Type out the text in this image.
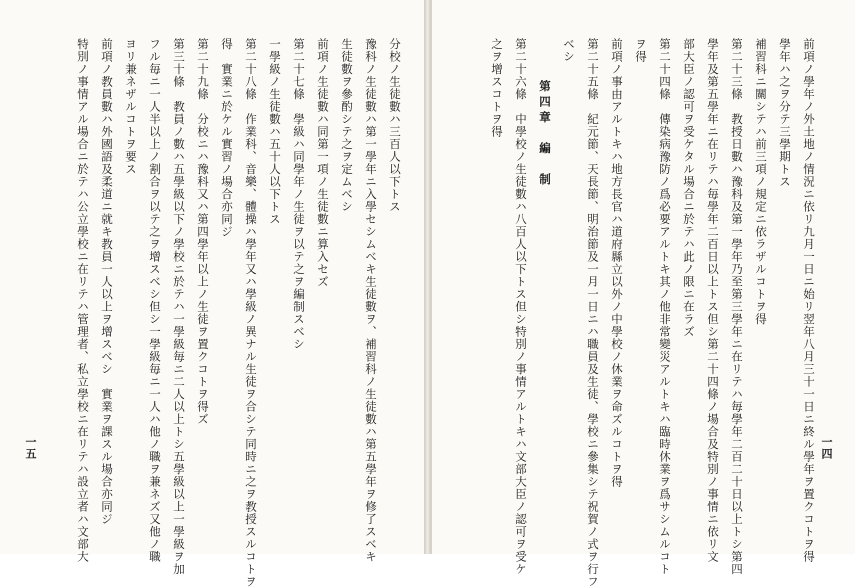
分校ノ生徒數ハ三百人以下トス
豫科ノ生徒數ハ第一學年ニ入學セシムベキ生徒數ヲ、補習科ノ生徒數ハ第五學年ヲ修了スベキ
生徒數ヲ參酌シテ之ヲ定ムベシ
前項ノ生徒數ハ同第一項ノ生徒數ニ算入セズ
第二十七條　學級ハ同學年ノ生徒ヲ以テ之ヲ編制スベシ
一學級ノ生徒數ハ五十人以下トス
第二十八條　作業科、音樂、體操ハ學年又ハ學級ノ異ナル生徒ヲ合シテ同時ニ之ヲ教授スルコトヲ
得　實業ニ於ケル實習ノ場合亦同ジ
第二十九條　分校ニハ豫科又ハ第四學年以上ノ生徒ヲ置クコトヲ得ズ
第三十條　教員ノ數ハ五學級以下ノ學校ニ於テハ一學級毎ニ二人以上トシ五學級以上一學級ヲ加
フル毎ニ一人半以上ノ割合ヲ以テ之ヲ增スベシ但シ一學級毎ニ一人ハ他ノ職ヲ兼ネズ又他ノ職
ヨリ兼ネザルコトヲ要ス
前項ノ教員數ハ外國語及柔道ニ就キ教員一人以上ヲ增スベシ　實業ヲ課スル場合亦同ジ
特別ノ事情アル場合ニ於テハ公立學校ニ在リテハ管理者、私立學校ニ在リテハ設立者ハ文部大
一五	前項ノ學年ノ外土地ノ情況ニ依リ九月一日ニ始リ翌年八月三十一日ニ終ル學年ヲ置クコトヲ得
學年ハ之ヲ分テ三學期トス
補習科ニ關シテハ前三項ノ規定ニ依ラザルコトヲ得
第二十三條　教授日數ハ豫科及第一學年乃至第三學年ニ在リテハ毎學年二百二十日以上トシ第四
學年及第五學年ニ在リテハ毎學年二百日以上トス但シ第二十四條ノ場合及特別ノ事情ニ依リ文
部大臣ノ認可ヲ受ケタル場合ニ於テハ此ノ限ニ在ラズ
第二十四條　傳染病豫防ノ爲必要アルトキ其ノ他非常變災アルトキハ臨時休業ヲ爲サシムルコト
ヲ得
前項ノ事由アルトキハ地方長官ハ道府縣立以外ノ中學校ノ休業ヲ命ズルコトヲ得
第二十五條　紀元節、天長節、明治節及一月一日ニハ職員及生徒、學校ニ參集シテ祝賀ノ式ヲ行フ
ベシ
第四章　編　制
第二十六條　中學校ノ生徒數ハ八百人以下トス但シ特別ノ事情アルトキハ文部大臣ノ認可ヲ受ケ
之ヲ增スコトヲ得
一四
